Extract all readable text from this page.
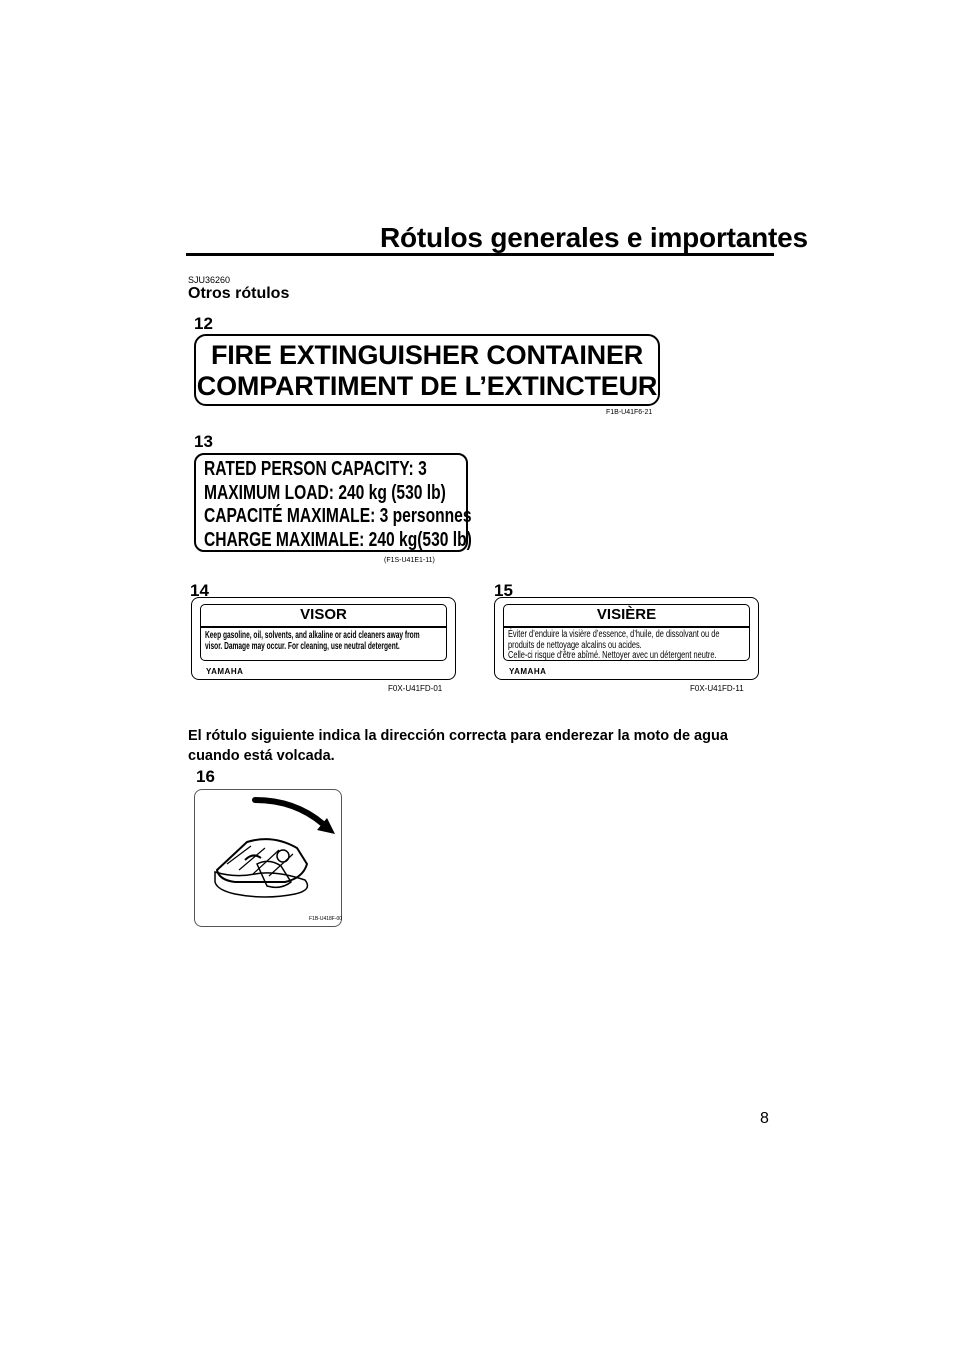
Rótulos generales e importantes
SJU36260
Otros rótulos
12
FIRE EXTINGUISHER CONTAINER
COMPARTIMENT DE L’EXTINCTEUR
F1B-U41F6-21
13
RATED PERSON CAPACITY: 3
MAXIMUM LOAD: 240 kg (530 lb)
CAPACITÉ MAXIMALE: 3 personnes
CHARGE MAXIMALE: 240 kg(530 lb)
(F1S-U41E1-11)
14
VISOR
Keep gasoline, oil, solvents, and alkaline or acid cleaners away from
visor. Damage may occur. For cleaning, use neutral detergent.
YAMAHA
F0X-U41FD-01
15
VISIÈRE
Éviter d’enduire la visière d’essence, d’huile, de dissolvant ou de
produits de nettoyage alcalins ou acides.
Celle-ci risque d’être abîmé. Nettoyer avec un détergent neutre.
YAMAHA
F0X-U41FD-11
El rótulo siguiente indica la dirección correcta para enderezar la moto de agua cuando está volcada.
16
F1B-U418F-00
8
